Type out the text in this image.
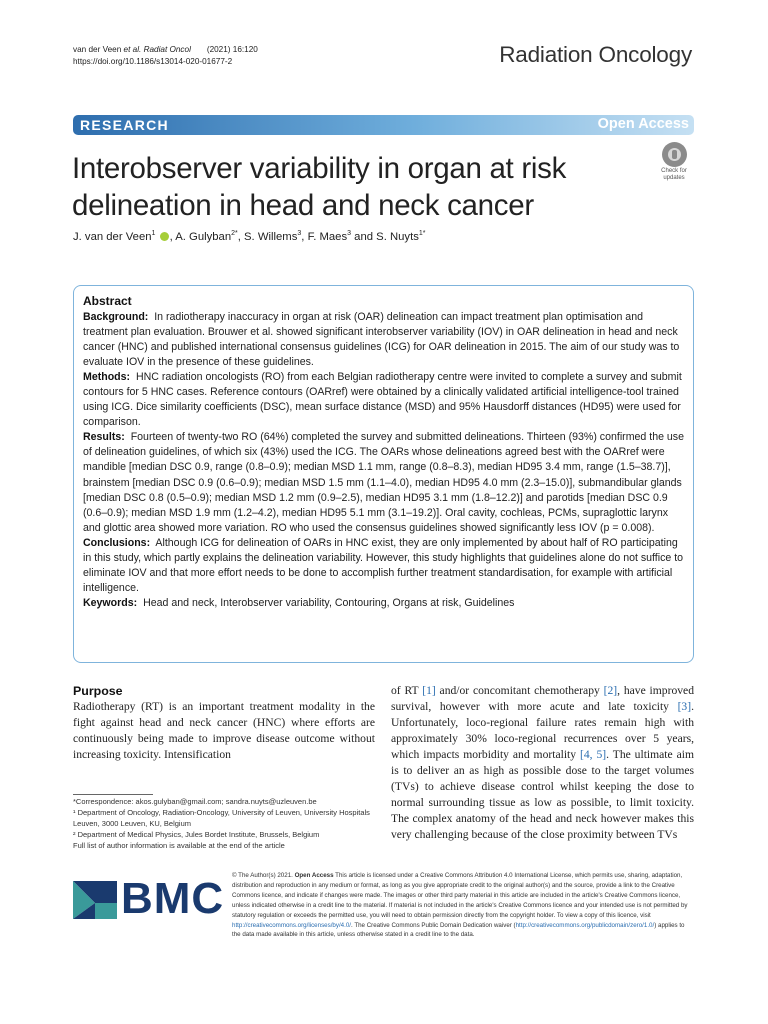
van der Veen et al. Radiat Oncol (2021) 16:120
https://doi.org/10.1186/s13014-020-01677-2	Radiation Oncology
RESEARCH	Open Access
Interobserver variability in organ at risk delineation in head and neck cancer
Check for
updates
J. van der Veen$^1$ , A. Gulyban$^{2*}$, S. Willems$^3$, F. Maes$^3$ and S. Nuyts$^{1*}$
Abstract

Background: In radiotherapy inaccuracy in organ at risk (OAR) delineation can impact treatment plan optimisation and treatment plan evaluation. Brouwer et al. showed significant interobserver variability (IOV) in OAR delineation in head and neck cancer (HNC) and published international consensus guidelines (ICG) for OAR delineation in 2015. The aim of our study was to evaluate IOV in the presence of these guidelines.

Methods: HNC radiation oncologists (RO) from each Belgian radiotherapy centre were invited to complete a survey and submit contours for 5 HNC cases. Reference contours (OARref) were obtained by a clinically validated artificial intelligence-tool trained using ICG. Dice similarity coefficients (DSC), mean surface distance (MSD) and 95% Hausdorff distances (HD95) were used for comparison.

Results: Fourteen of twenty-two RO (64%) completed the survey and submitted delineations. Thirteen (93%) confirmed the use of delineation guidelines, of which six (43%) used the ICG. The OARs whose delineations agreed best with the OARref were mandible [median DSC 0.9, range (0.8–0.9); median MSD 1.1 mm, range (0.8–8.3), median HD95 3.4 mm, range (1.5–38.7)], brainstem [median DSC 0.9 (0.6–0.9); median MSD 1.5 mm (1.1–4.0), median HD95 4.0 mm (2.3–15.0)], submandibular glands [median DSC 0.8 (0.5–0.9); median MSD 1.2 mm (0.9–2.5), median HD95 3.1 mm (1.8–12.2)] and parotids [median DSC 0.9 (0.6–0.9); median MSD 1.9 mm (1.2–4.2), median HD95 5.1 mm (3.1–19.2)]. Oral cavity, cochleas, PCMs, supraglottic larynx and glottic area showed more variation. RO who used the consensus guidelines showed significantly less IOV (p = 0.008).

Conclusions: Although ICG for delineation of OARs in HNC exist, they are only implemented by about half of RO participating in this study, which partly explains the delineation variability. However, this study highlights that guidelines alone do not suffice to eliminate IOV and that more effort needs to be done to accomplish further treatment standardisation, for example with artificial intelligence.

Keywords: Head and neck, Interobserver variability, Contouring, Organs at risk, Guidelines

Purpose

Radiotherapy (RT) is an important treatment modality in the fight against head and neck cancer (HNC) where efforts are continuously being made to improve disease outcome without increasing toxicity. Intensification

of RT [1] and/or concomitant chemotherapy [2], have improved survival, however with more acute and late toxicity [3]. Unfortunately, loco-regional failure rates remain high with approximately 30% loco-regional recurrences over 5 years, which impacts morbidity and mortality [4, 5]. The ultimate aim is to deliver an as high as possible dose to the target volumes (TVs) to achieve disease control whilst keeping the dose to normal surrounding tissue as low as possible, to limit toxicity. The complex anatomy of the head and neck however makes this very challenging because of the close proximity between TVs

*Correspondence: akos.gulyban@gmail.com; sandra.nuyts@uzleuven.be
¹ Department of Oncology, Radiation-Oncology, University of Leuven, University Hospitals Leuven, 3000 Leuven, KU, Belgium
² Department of Medical Physics, Jules Bordet Institute, Brussels, Belgium
Full list of author information is available at the end of the article
BMC © The Author(s) 2021. Open Access This article is licensed under a Creative Commons Attribution 4.0 International License, which permits use, sharing, adaptation, distribution and reproduction in any medium or format, as long as you give appropriate credit to the original author(s) and the source, provide a link to the Creative Commons licence, and indicate if changes were made. The images or other third party material in this article are included in the article's Creative Commons licence, unless indicated otherwise in a credit line to the material. If material is not included in the article's Creative Commons licence and your intended use is not permitted by statutory regulation or exceeds the permitted use, you will need to obtain permission directly from the copyright holder. To view a copy of this licence, visit http://creativecommons.org/licenses/by/4.0/. The Creative Commons Public Domain Dedication waiver (http://creativecommons.org/publicdomain/zero/1.0/) applies to the data made available in this article, unless otherwise stated in a credit line to the data.
